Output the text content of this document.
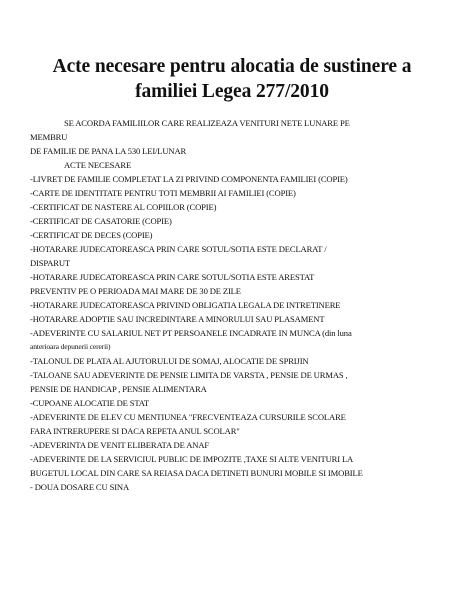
Acte necesare pentru alocatia de sustinere a
familiei Legea 277/2010
SE ACORDA FAMILIILOR CARE REALIZEAZA VENITURI NETE LUNARE PE
MEMBRU
DE FAMILIE DE PANA LA 530 LEI/LUNAR
ACTE NECESARE
-LIVRET DE FAMILIE COMPLETAT LA ZI PRIVIND COMPONENTA FAMILIEI (COPIE)
-CARTE DE IDENTITATE PENTRU TOTI MEMBRII AI FAMILIEI (COPIE)
-CERTIFICAT DE NASTERE AL COPIILOR (COPIE)
-CERTIFICAT DE CASATORIE (COPIE)
-CERTIFICAT DE DECES (COPIE)
-HOTARARE JUDECATOREASCA PRIN CARE SOTUL/SOTIA ESTE DECLARAT /
DISPARUT
-HOTARARE JUDECATOREASCA PRIN CARE SOTUL/SOTIA ESTE ARESTAT
PREVENTIV PE O PERIOADA MAI MARE DE 30 DE ZILE
-HOTARARE JUDECATOREASCA PRIVIND OBLIGATIA LEGALA DE INTRETINERE
-HOTARARE ADOPTIE SAU INCREDINTARE A MINORULUI SAU PLASAMENT
-ADEVERINTE CU SALARIUL NET PT PERSOANELE INCADRATE IN MUNCA (din luna
anterioara depunerii cererii)
-TALONUL DE PLATA AL AJUTORULUI DE SOMAJ, ALOCATIE DE SPRIJIN
-TALOANE SAU ADEVERINTE DE PENSIE LIMITA DE VARSTA , PENSIE DE URMAS ,
PENSIE DE HANDICAP , PENSIE ALIMENTARA
-CUPOANE ALOCATIE DE STAT
-ADEVERINTE DE ELEV CU MENTIUNEA "FRECVENTEAZA CURSURILE SCOLARE
FARA INTRERUPERE SI DACA REPETA ANUL SCOLAR"
-ADEVERINTA DE VENIT ELIBERATA DE ANAF
-ADEVERINTE DE LA SERVICIUL PUBLIC DE IMPOZITE ,TAXE SI ALTE VENITURI LA
BUGETUL LOCAL DIN CARE SA REIASA DACA DETINETI BUNURI MOBILE SI IMOBILE
- DOUA DOSARE CU SINA
